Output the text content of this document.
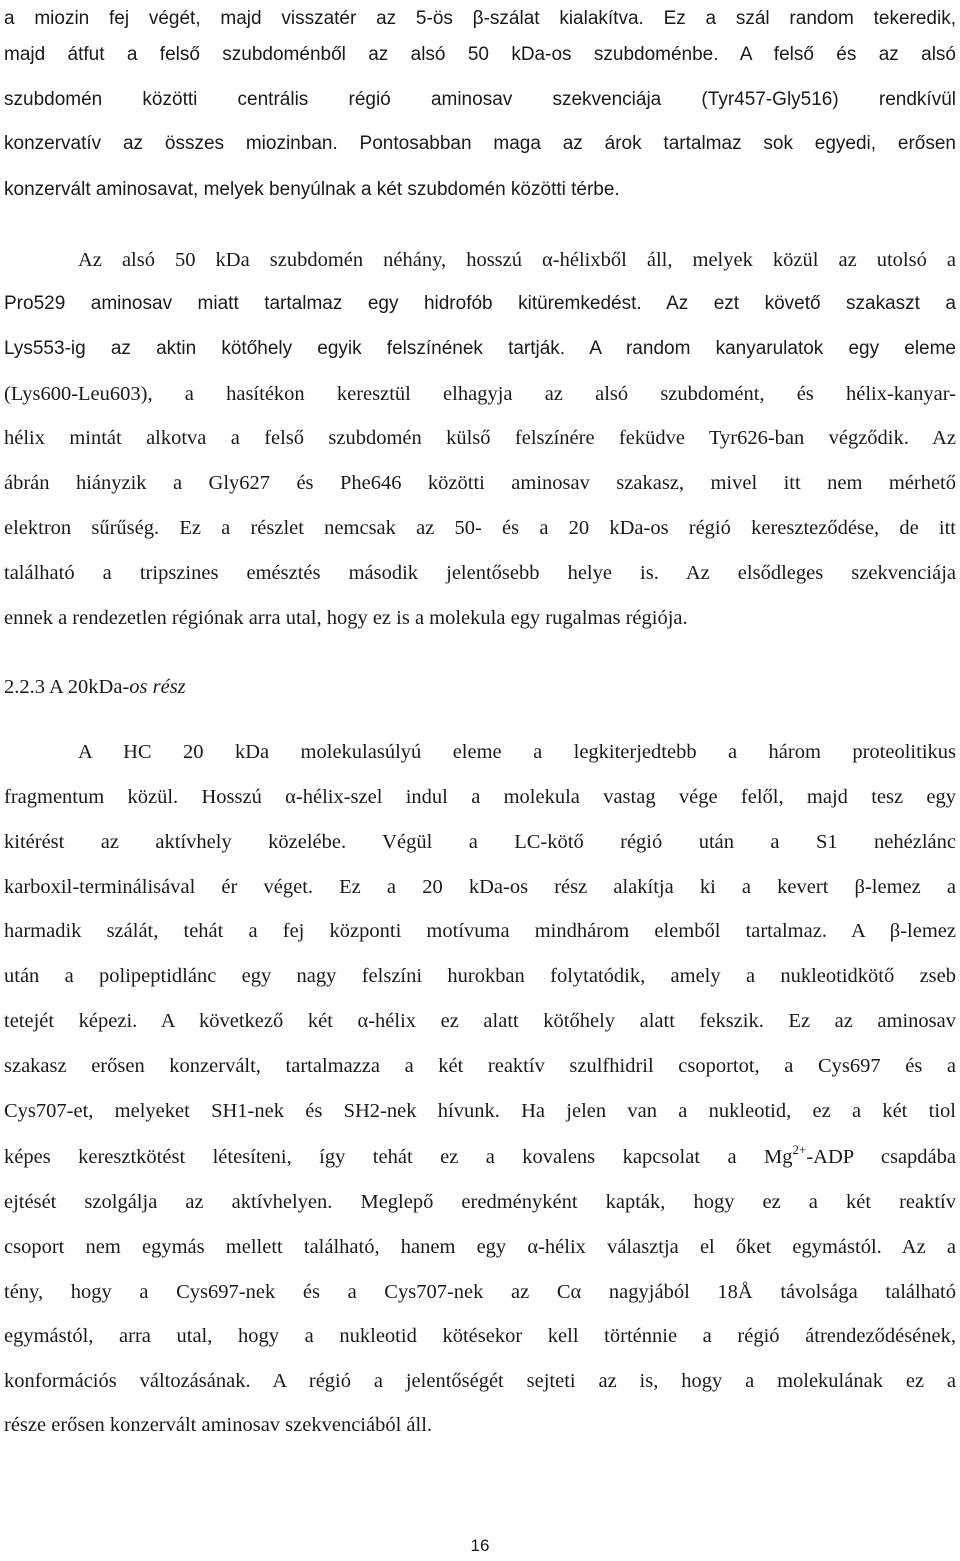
a miozin fej végét, majd visszatér az 5-ös β-szálat kialakítva. Ez a szál random tekeredik,
majd átfut a felső szubdoménből az alsó 50 kDa-os szubdoménbe. A felső és az alsó
szubdomén közötti centrális régió aminosav szekvenciája (Tyr457-Gly516) rendkívül
konzervatív az összes miozinban. Pontosabban maga az árok tartalmaz sok egyedi, erősen
konzervált aminosavat, melyek benyúlnak a két szubdomén közötti térbe.
Az alsó 50 kDa szubdomén néhány, hosszú α-hélixből áll, melyek közül az utolsó a
Pro529 aminosav miatt tartalmaz egy hidrofób kitüremkedést. Az ezt követő szakaszt a
Lys553-ig az aktin kötőhely egyik felszínének tartják. A random kanyarulatok egy eleme
(Lys600-Leu603), a hasítékon keresztül elhagyja az alsó szubdomént, és hélix-kanyar-
hélix mintát alkotva a felső szubdomén külső felszínére feküdve Tyr626-ban végződik. Az
ábrán hiányzik a Gly627 és Phe646 közötti aminosav szakasz, mivel itt nem mérhető
elektron sűrűség. Ez a részlet nemcsak az 50- és a 20 kDa-os régió kereszteződése, de itt
található a tripszines emésztés második jelentősebb helye is. Az elsődleges szekvenciája
ennek a rendezetlen régiónak arra utal, hogy ez is a molekula egy rugalmas régiója.
2.2.3 A 20kDa-os rész
A HC 20 kDa molekulasúlyú eleme a legkiterjedtebb a három proteolitikus
fragmentum közül. Hosszú α-hélix-szel indul a molekula vastag vége felől, majd tesz egy
kitérést az aktívhely közelébe. Végül a LC-kötő régió után a S1 nehézlánc
karboxil-terminálisával ér véget. Ez a 20 kDa-os rész alakítja ki a kevert β-lemez a
harmadik szálát, tehát a fej központi motívuma mindhárom elemből tartalmaz. A β-lemez
után a polipeptidlánc egy nagy felszíni hurokban folytatódik, amely a nukleotidkötő zseb
tetejét képezi. A következő két α-hélix ez alatt kötőhely alatt fekszik. Ez az aminosav
szakasz erősen konzervált, tartalmazza a két reaktív szulfhidril csoportot, a Cys697 és a
Cys707-et, melyeket SH1-nek és SH2-nek hívunk. Ha jelen van a nukleotid, ez a két tiol
képes keresztkötést létesíteni, így tehát ez a kovalens kapcsolat a $Mg^{2+}$-ADP csapdába
ejtését szolgálja az aktívhelyen. Meglepő eredményként kapták, hogy ez a két reaktív
csoport nem egymás mellett található, hanem egy α-hélix választja el őket egymástól. Az a
tény, hogy a Cys697-nek és a Cys707-nek az Cα nagyjából 18Å távolsága található
egymástól, arra utal, hogy a nukleotid kötésekor kell történnie a régió átrendeződésének,
konformációs változásának. A régió a jelentőségét sejteti az is, hogy a molekulának ez a
része erősen konzervált aminosav szekvenciából áll.
16
